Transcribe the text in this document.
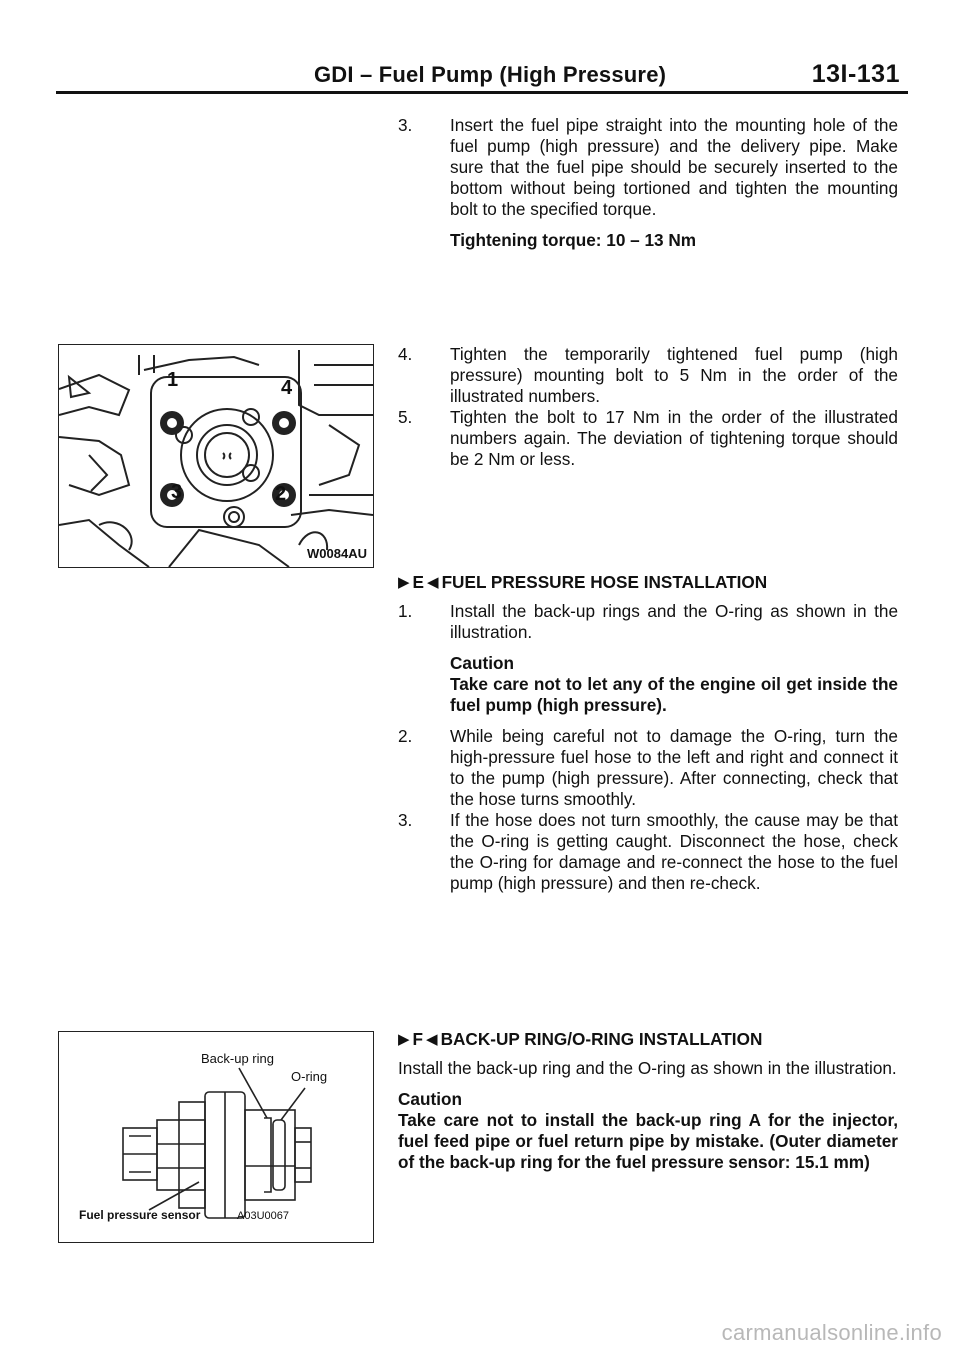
GDI – Fuel Pump (High Pressure)	13I-131
3. Insert the fuel pipe straight into the mounting hole of the fuel pump (high pressure) and the delivery pipe. Make sure that the fuel pipe should be securely inserted to the bottom without being tortioned and tighten the mounting bolt to the specified torque.
Tightening torque: 10 – 13 Nm
1	4
3	2
W0084AU
4. Tighten the temporarily tightened fuel pump (high pressure) mounting bolt to 5 Nm in the order of the illustrated numbers.
5. Tighten the bolt to 17 Nm in the order of the illustrated numbers again. The deviation of tightening torque should be 2 Nm or less.
▶ E ◀ FUEL PRESSURE HOSE INSTALLATION
1. Install the back-up rings and the O-ring as shown in the illustration.
Caution
Take care not to let any of the engine oil get inside the fuel pump (high pressure).
2. While being careful not to damage the O-ring, turn the high-pressure fuel hose to the left and right and connect it to the pump (high pressure). After connecting, check that the hose turns smoothly.
3. If the hose does not turn smoothly, the cause may be that the O-ring is getting caught. Disconnect the hose, check the O-ring for damage and re-connect the hose to the fuel pump (high pressure) and then re-check.
Back-up ring
O-ring
Fuel pressure sensor	A03U0067
▶ F ◀ BACK-UP RING/O-RING INSTALLATION
Install the back-up ring and the O-ring as shown in the illustration.
Caution
Take care not to install the back-up ring A for the injector, fuel feed pipe or fuel return pipe by mistake. (Outer diameter of the back-up ring for the fuel pressure sensor: 15.1 mm)
carmanualsonline.info
